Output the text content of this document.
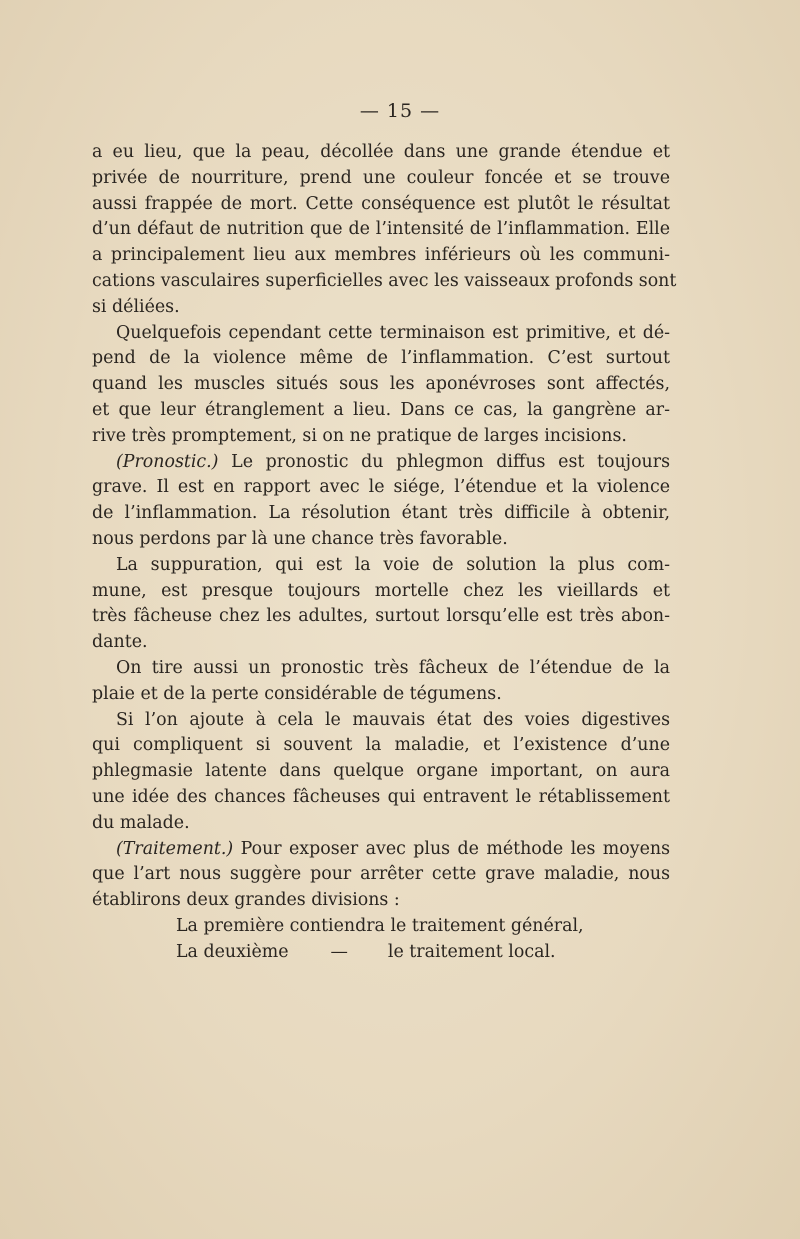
— 15 —
a eu lieu, que la peau, décollée dans une grande étendue et
privée de nourriture, prend une couleur foncée et se trouve
aussi frappée de mort. Cette conséquence est plutôt le résultat
d’un défaut de nutrition que de l’intensité de l’inflammation. Elle
a principalement lieu aux membres inférieurs où les communi-
cations vasculaires superficielles avec les vaisseaux profonds sont
si déliées.
Quelquefois cependant cette terminaison est primitive, et dé-
pend de la violence même de l’inflammation. C’est surtout
quand les muscles situés sous les aponévroses sont affectés,
et que leur étranglement a lieu. Dans ce cas, la gangrène ar-
rive très promptement, si on ne pratique de larges incisions.
(Pronostic.) Le pronostic du phlegmon diffus est toujours
grave. Il est en rapport avec le siége, l’étendue et la violence
de l’inflammation. La résolution étant très difficile à obtenir,
nous perdons par là une chance très favorable.
La suppuration, qui est la voie de solution la plus com-
mune, est presque toujours mortelle chez les vieillards et
très fâcheuse chez les adultes, surtout lorsqu’elle est très abon-
dante.
On tire aussi un pronostic très fâcheux de l’étendue de la
plaie et de la perte considérable de tégumens.
Si l’on ajoute à cela le mauvais état des voies digestives
qui compliquent si souvent la maladie, et l’existence d’une
phlegmasie latente dans quelque organe important, on aura
une idée des chances fâcheuses qui entravent le rétablissement
du malade.
(Traitement.) Pour exposer avec plus de méthode les moyens
que l’art nous suggère pour arrêter cette grave maladie, nous
établirons deux grandes divisions :
La première contiendra le traitement général,
La deuxième — le traitement local.
